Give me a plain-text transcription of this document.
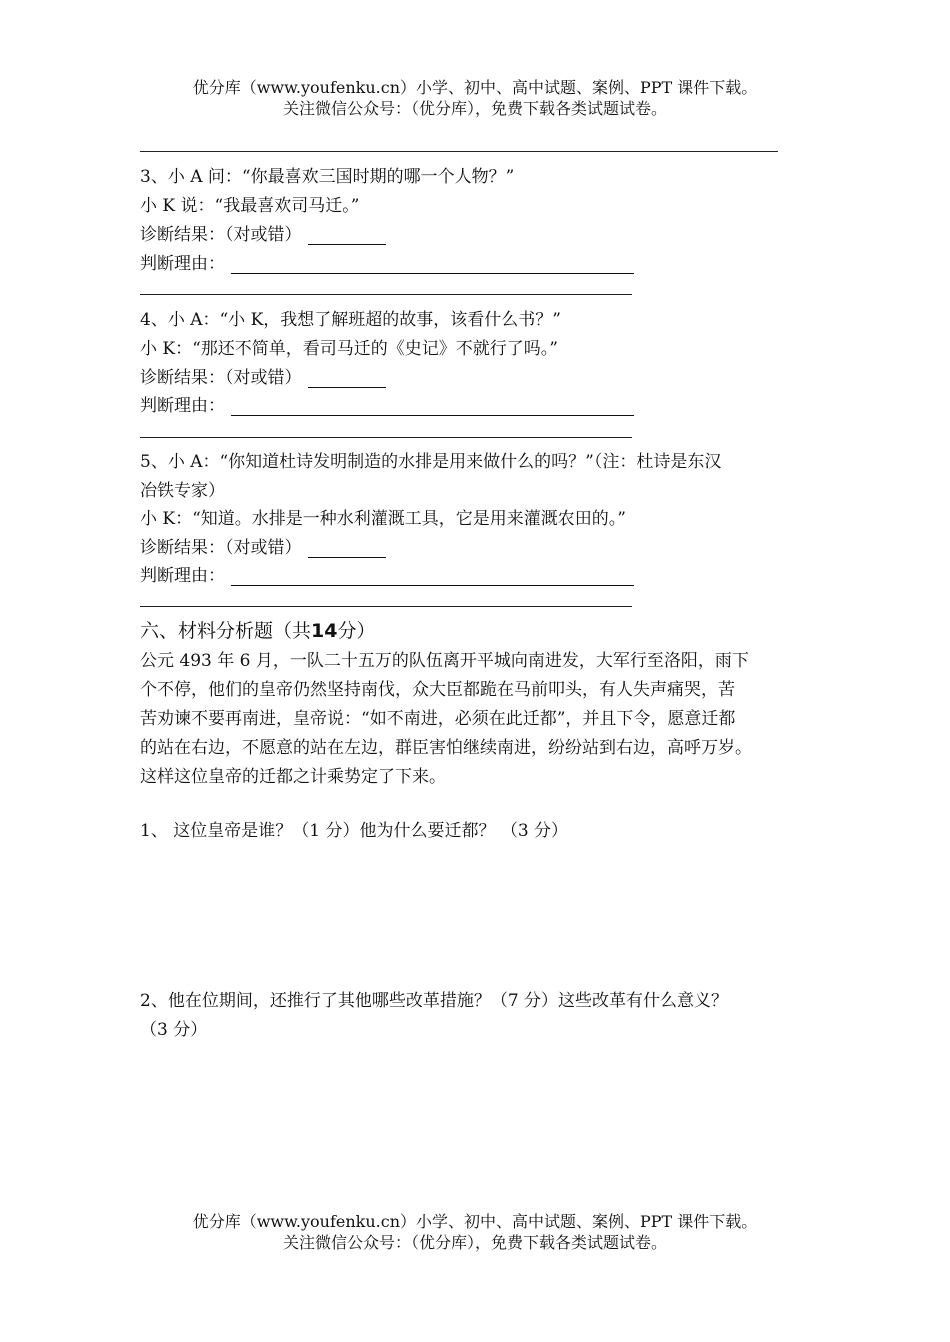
优分库（www.youfenku.cn）小学、初中、高中试题、案例、PPT 课件下载。
关注微信公众号：（优分库），免费下载各类试题试卷。
3、小 A 问：“你最喜欢三国时期的哪一个人物？”
小 K 说：“我最喜欢司马迁。”
诊断结果：（对或错）
判断理由：
4、小 A：“小 K，我想了解班超的故事，该看什么书？”
小 K：“那还不简单，看司马迁的《史记》不就行了吗。”
诊断结果：（对或错）
判断理由：
5、小 A：“你知道杜诗发明制造的水排是用来做什么的吗？”（注：杜诗是东汉
冶铁专家）
小 K：“知道。水排是一种水利灌溉工具，它是用来灌溉农田的。”
诊断结果：（对或错）
判断理由：
六、材料分析题（共14分）
公元 493 年 6 月，一队二十五万的队伍离开平城向南进发，大军行至洛阳，雨下
个不停，他们的皇帝仍然坚持南伐，众大臣都跪在马前叩头，有人失声痛哭，苦
苦劝谏不要再南进，皇帝说：“如不南进，必须在此迁都”，并且下令，愿意迁都
的站在右边，不愿意的站在左边，群臣害怕继续南进，纷纷站到右边，高呼万岁。
这样这位皇帝的迁都之计乘势定了下来。
1、 这位皇帝是谁？（1 分）他为什么要迁都？ （3 分）
2、他在位期间，还推行了其他哪些改革措施？（7 分）这些改革有什么意义？
（3 分）
优分库（www.youfenku.cn）小学、初中、高中试题、案例、PPT 课件下载。
关注微信公众号：（优分库），免费下载各类试题试卷。
